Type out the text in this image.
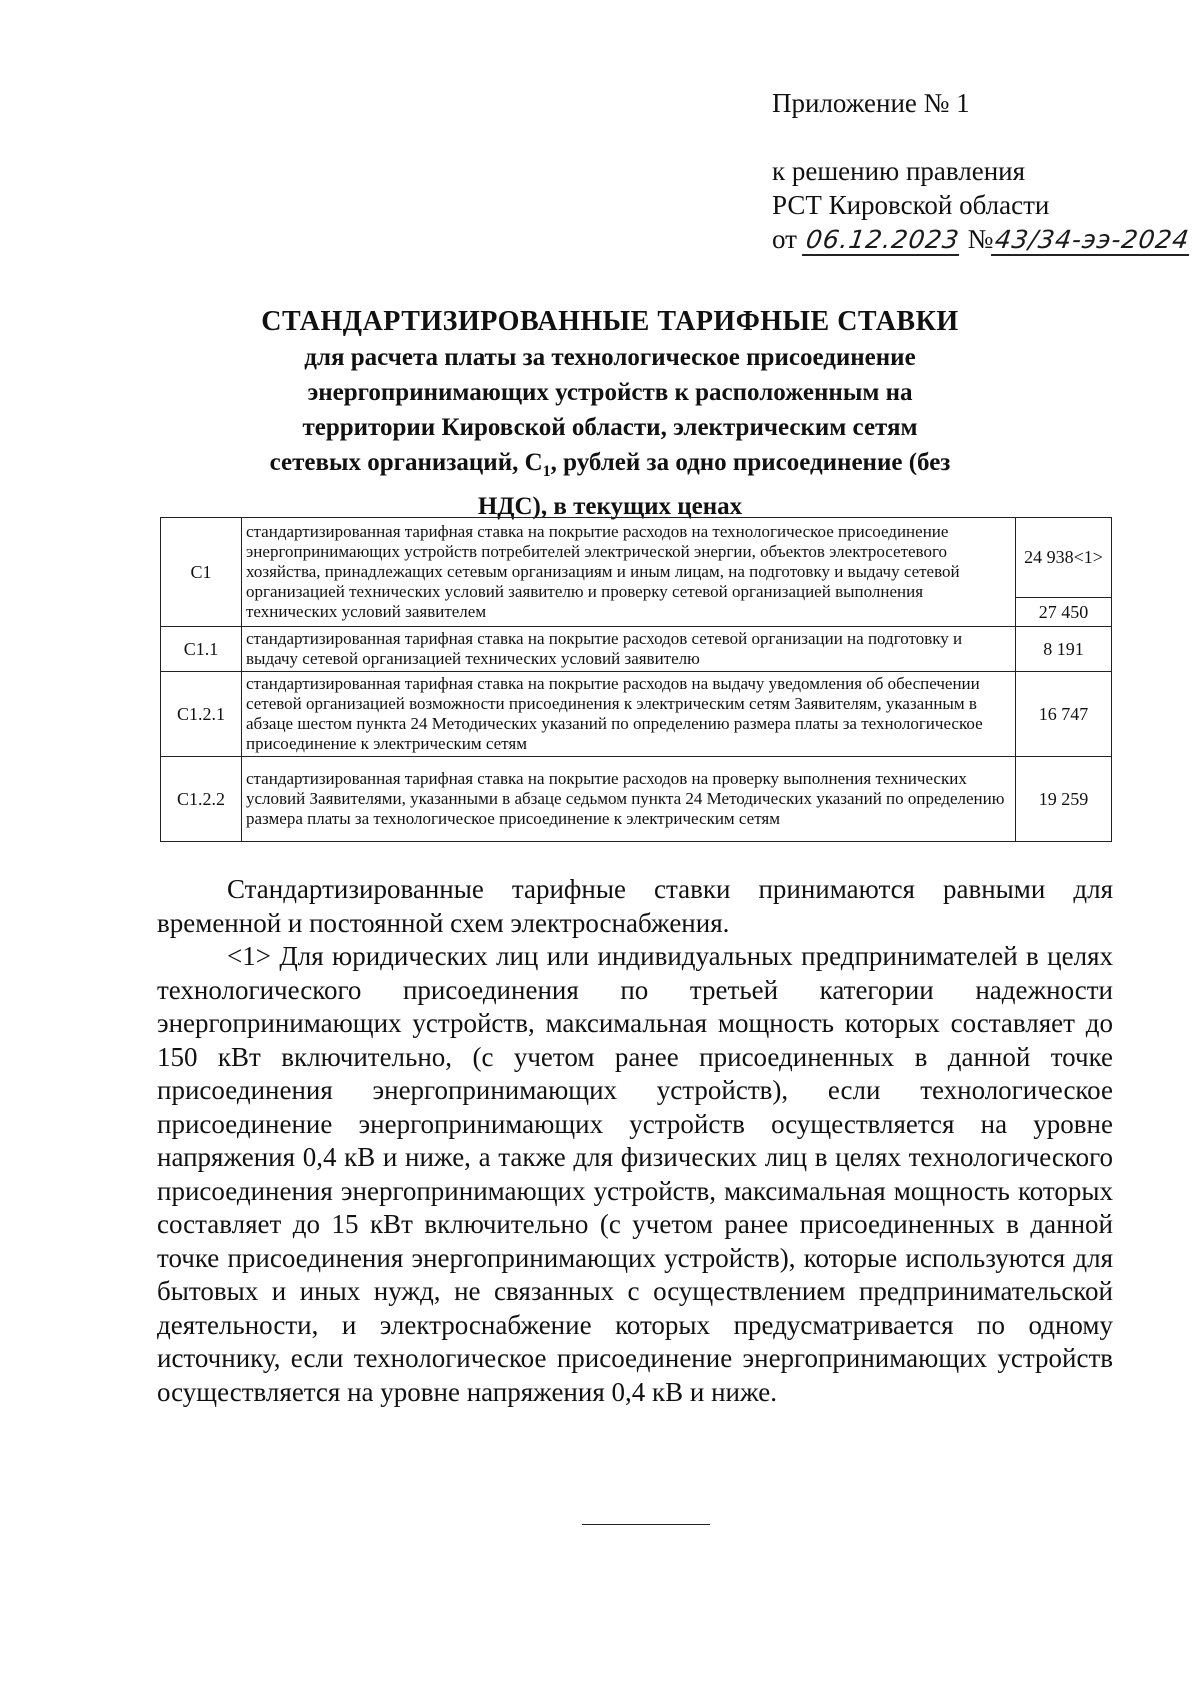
Приложение № 1
к решению правления
РСТ Кировской области
от 06.12.2023 №43/34-ээ-2024
СТАНДАРТИЗИРОВАННЫЕ ТАРИФНЫЕ СТАВКИ
для расчета платы за технологическое присоединение
энергопринимающих устройств к расположенным на
территории Кировской области, электрическим сетям
сетевых организаций, $С_1$, рублей за одно присоединение (без
НДС), в текущих ценах
С1	стандартизированная тарифная ставка на покрытие расходов на технологическое присоединение энергопринимающих устройств потребителей электрической энергии, объектов электросетевого хозяйства, принадлежащих сетевым организациям и иным лицам, на подготовку и выдачу сетевой организацией технических условий заявителю и проверку сетевой организацией выполнения технических условий заявителем	24 938<1>
		27 450
С1.1	стандартизированная тарифная ставка на покрытие расходов сетевой организации на подготовку и выдачу сетевой организацией технических условий заявителю	8 191
С1.2.1	стандартизированная тарифная ставка на покрытие расходов на выдачу уведомления об обеспечении сетевой организацией возможности присоединения к электрическим сетям Заявителям, указанным в абзаце шестом пункта 24 Методических указаний по определению размера платы за технологическое присоединение к электрическим сетям	16 747
С1.2.2	стандартизированная тарифная ставка на покрытие расходов на проверку выполнения технических условий Заявителями, указанными в абзаце седьмом пункта 24 Методических указаний по определению размера платы за технологическое присоединение к электрическим сетям	19 259
Стандартизированные тарифные ставки принимаются равными для временной и постоянной схем электроснабжения.
<1> Для юридических лиц или индивидуальных предпринимателей в целях технологического присоединения по третьей категории надежности энергопринимающих устройств, максимальная мощность которых составляет до 150 кВт включительно, (с учетом ранее присоединенных в данной точке присоединения энергопринимающих устройств), если технологическое присоединение энергопринимающих устройств осуществляется на уровне напряжения 0,4 кВ и ниже, а также для физических лиц в целях технологического присоединения энергопринимающих устройств, максимальная мощность которых составляет до 15 кВт включительно (с учетом ранее присоединенных в данной точке присоединения энергопринимающих устройств), которые используются для бытовых и иных нужд, не связанных с осуществлением предпринимательской деятельности, и электроснабжение которых предусматривается по одному источнику, если технологическое присоединение энергопринимающих устройств осуществляется на уровне напряжения 0,4 кВ и ниже.
